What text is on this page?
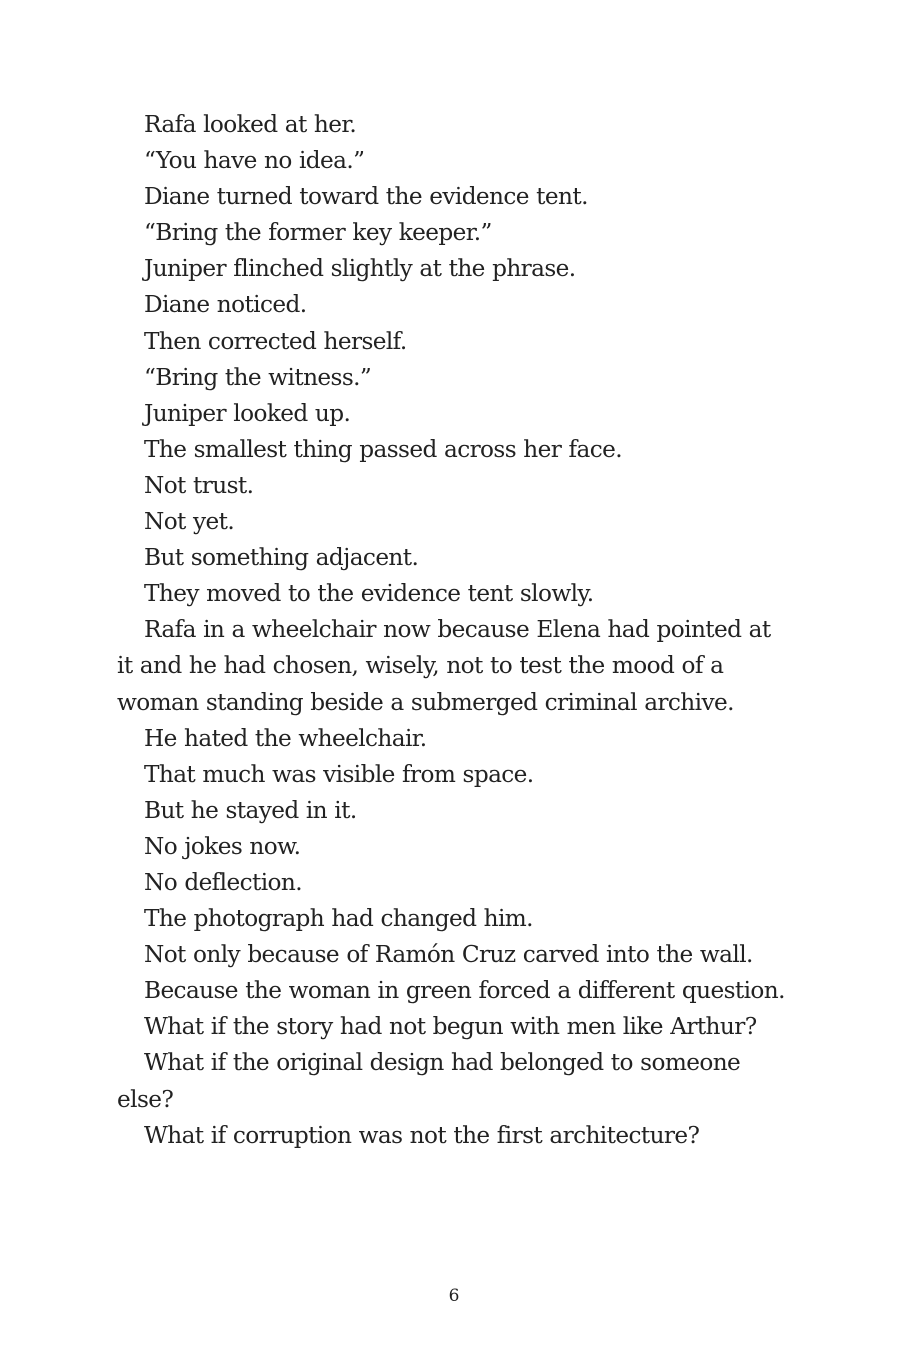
Rafa looked at her.

“You have no idea.”

Diane turned toward the evidence tent.

“Bring the former key keeper.”

Juniper flinched slightly at the phrase.

Diane noticed.

Then corrected herself.

“Bring the witness.”

Juniper looked up.

The smallest thing passed across her face.

Not trust.

Not yet.

But something adjacent.

They moved to the evidence tent slowly.

Rafa in a wheelchair now because Elena had pointed at it and he had chosen, wisely, not to test the mood of a woman standing beside a submerged criminal archive.

He hated the wheelchair.

That much was visible from space.

But he stayed in it.

No jokes now.

No deflection.

The photograph had changed him.

Not only because of Ramón Cruz carved into the wall.

Because the woman in green forced a different question.

What if the story had not begun with men like Arthur?

What if the original design had belonged to someone else?

What if corruption was not the first architecture?

6
